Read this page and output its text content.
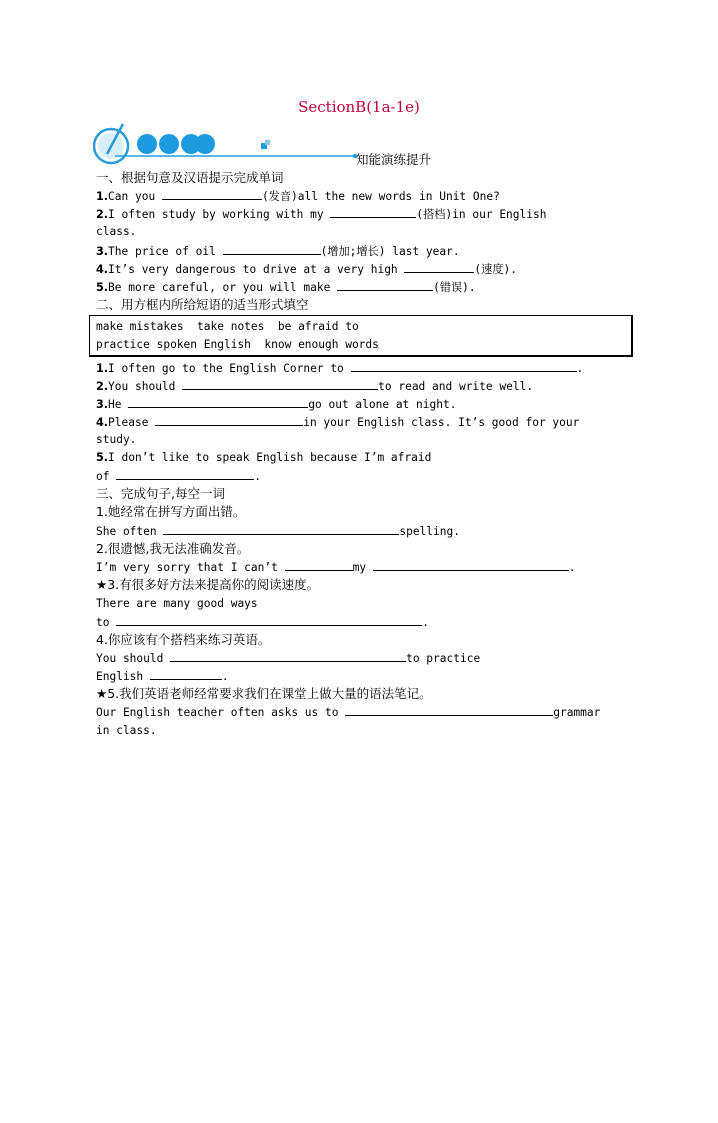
SectionB(1a-1e)
知能演练提升
一、根据句意及汉语提示完成单词
1.Can you	(发音)all the new words in Unit One?
2.I often study by working with my	(搭档)in our English
class.
3.The price of oil	(增加;增长) last year.
4.It’s very dangerous to drive at a very high	(速度).
5.Be more careful, or you will make	(错误).
二、用方框内所给短语的适当形式填空
make mistakes  take notes  be afraid to
practice spoken English  know enough words
1.I often go to the English Corner to	.
2.You should	to read and write well.
3.He	go out alone at night.
4.Please	in your English class. It’s good for your
study.
5.I don’t like to speak English because I’m afraid
of	.
三、完成句子,每空一词
1.她经常在拼写方面出错。
She often	spelling.
2.很遗憾,我无法准确发音。
I’m very sorry that I can’t	my	.
★3.有很多好方法来提高你的阅读速度。
There are many good ways
to	.
4.你应该有个搭档来练习英语。
You should	to practice
English	.
★5.我们英语老师经常要求我们在课堂上做大量的语法笔记。
Our English teacher often asks us to	grammar
in class.
